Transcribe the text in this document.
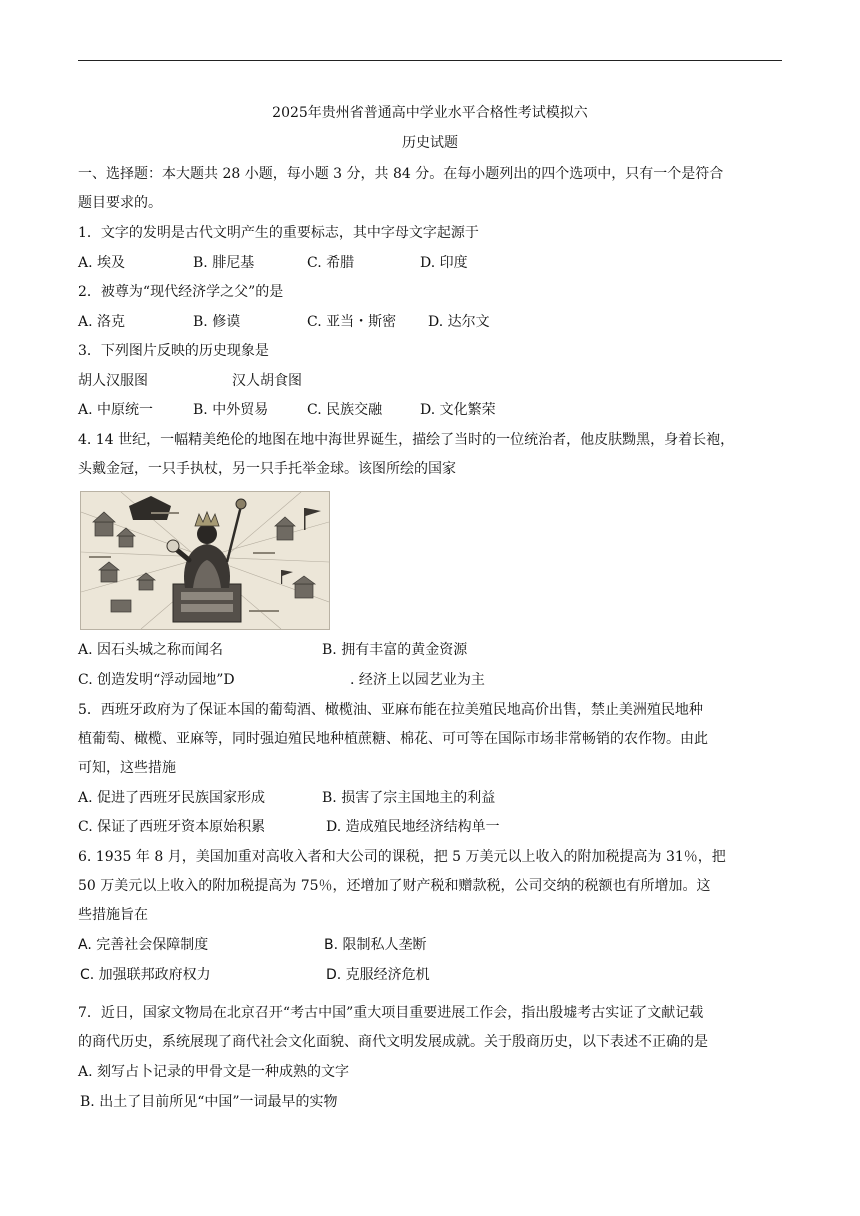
2025年贵州省普通高中学业水平合格性考试模拟六
历史试题
一、选择题：本大题共 28 小题，每小题 3 分，共 84 分。在每小题列出的四个选项中，只有一个是符合
题目要求的。
1．文字的发明是古代文明产生的重要标志，其中字母文字起源于
A. 埃及	B. 腓尼基	C. 希腊	D. 印度
2．被尊为“现代经济学之父”的是
A. 洛克	B. 修谟	C. 亚当・斯密 D. 达尔文
3．下列图片反映的历史现象是
胡人汉服图	汉人胡食图
A. 中原统一	B. 中外贸易	C. 民族交融	D. 文化繁荣
4. 14 世纪，一幅精美绝伦的地图在地中海世界诞生，描绘了当时的一位统治者，他皮肤黝黑，身着长袍，
头戴金冠，一只手执杖，另一只手托举金球。该图所绘的国家
A. 因石头城之称而闻名	B. 拥有丰富的黄金资源
C. 创造发明“浮动园地”D	. 经济上以园艺业为主
5．西班牙政府为了保证本国的葡萄酒、橄榄油、亚麻布能在拉美殖民地高价出售，禁止美洲殖民地种
植葡萄、橄榄、亚麻等，同时强迫殖民地种植蔗糖、棉花、可可等在国际市场非常畅销的农作物。由此
可知，这些措施
A. 促进了西班牙民族国家形成	B. 损害了宗主国地主的利益
C. 保证了西班牙资本原始积累	D. 造成殖民地经济结构单一
6. 1935 年 8 月，美国加重对高收入者和大公司的课税，把 5 万美元以上收入的附加税提高为 31％，把
50 万美元以上收入的附加税提高为 75％，还增加了财产税和赠款税，公司交纳的税额也有所增加。这
些措施旨在
A. 完善社会保障制度	B. 限制私人垄断
C. 加强联邦政府权力	D. 克服经济危机
7．近日，国家文物局在北京召开“考古中国”重大项目重要进展工作会，指出殷墟考古实证了文献记载
的商代历史，系统展现了商代社会文化面貌、商代文明发展成就。关于殷商历史，以下表述不正确的是
A. 刻写占卜记录的甲骨文是一种成熟的文字
B. 出土了目前所见“中国”一词最早的实物
